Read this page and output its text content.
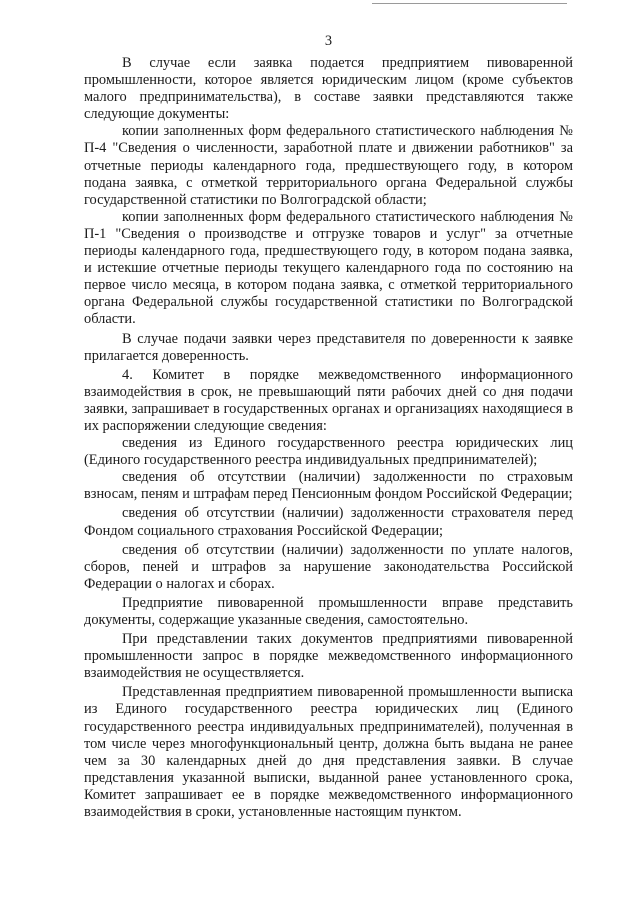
3

В случае если заявка подается предприятием пивоваренной промышленности, которое является юридическим лицом (кроме субъектов малого предпринимательства), в составе заявки представляются также следующие документы:

копии заполненных форм федерального статистического наблюдения № П-4 "Сведения о численности, заработной плате и движении работников" за отчетные периоды календарного года, предшествующего году, в котором подана заявка, с отметкой территориального органа Федеральной службы государственной статистики по Волгоградской области;

копии заполненных форм федерального статистического наблюдения № П-1 "Сведения о производстве и отгрузке товаров и услуг" за отчетные периоды календарного года, предшествующего году, в котором подана заявка, и истекшие отчетные периоды текущего календарного года по состоянию на первое число месяца, в котором подана заявка, с отметкой территориального органа Федеральной службы государственной статистики по Волгоградской области.

В случае подачи заявки через представителя по доверенности к заявке прилагается доверенность.

4. Комитет в порядке межведомственного информационного взаимодействия в срок, не превышающий пяти рабочих дней со дня подачи заявки, запрашивает в государственных органах и организациях находящиеся в их распоряжении следующие сведения:

сведения из Единого государственного реестра юридических лиц (Единого государственного реестра индивидуальных предпринимателей);

сведения об отсутствии (наличии) задолженности по страховым взносам, пеням и штрафам перед Пенсионным фондом Российской Федерации;

сведения об отсутствии (наличии) задолженности страхователя перед Фондом социального страхования Российской Федерации;

сведения об отсутствии (наличии) задолженности по уплате налогов, сборов, пеней и штрафов за нарушение законодательства Российской Федерации о налогах и сборах.

Предприятие пивоваренной промышленности вправе представить документы, содержащие указанные сведения, самостоятельно.

При представлении таких документов предприятиями пивоваренной промышленности запрос в порядке межведомственного информационного взаимодействия не осуществляется.

Представленная предприятием пивоваренной промышленности выписка из Единого государственного реестра юридических лиц (Единого государственного реестра индивидуальных предпринимателей), полученная в том числе через многофункциональный центр, должна быть выдана не ранее чем за 30 календарных дней до дня представления заявки. В случае представления указанной выписки, выданной ранее установленного срока, Комитет запрашивает ее в порядке межведомственного информационного взаимодействия в сроки, установленные настоящим пунктом.
